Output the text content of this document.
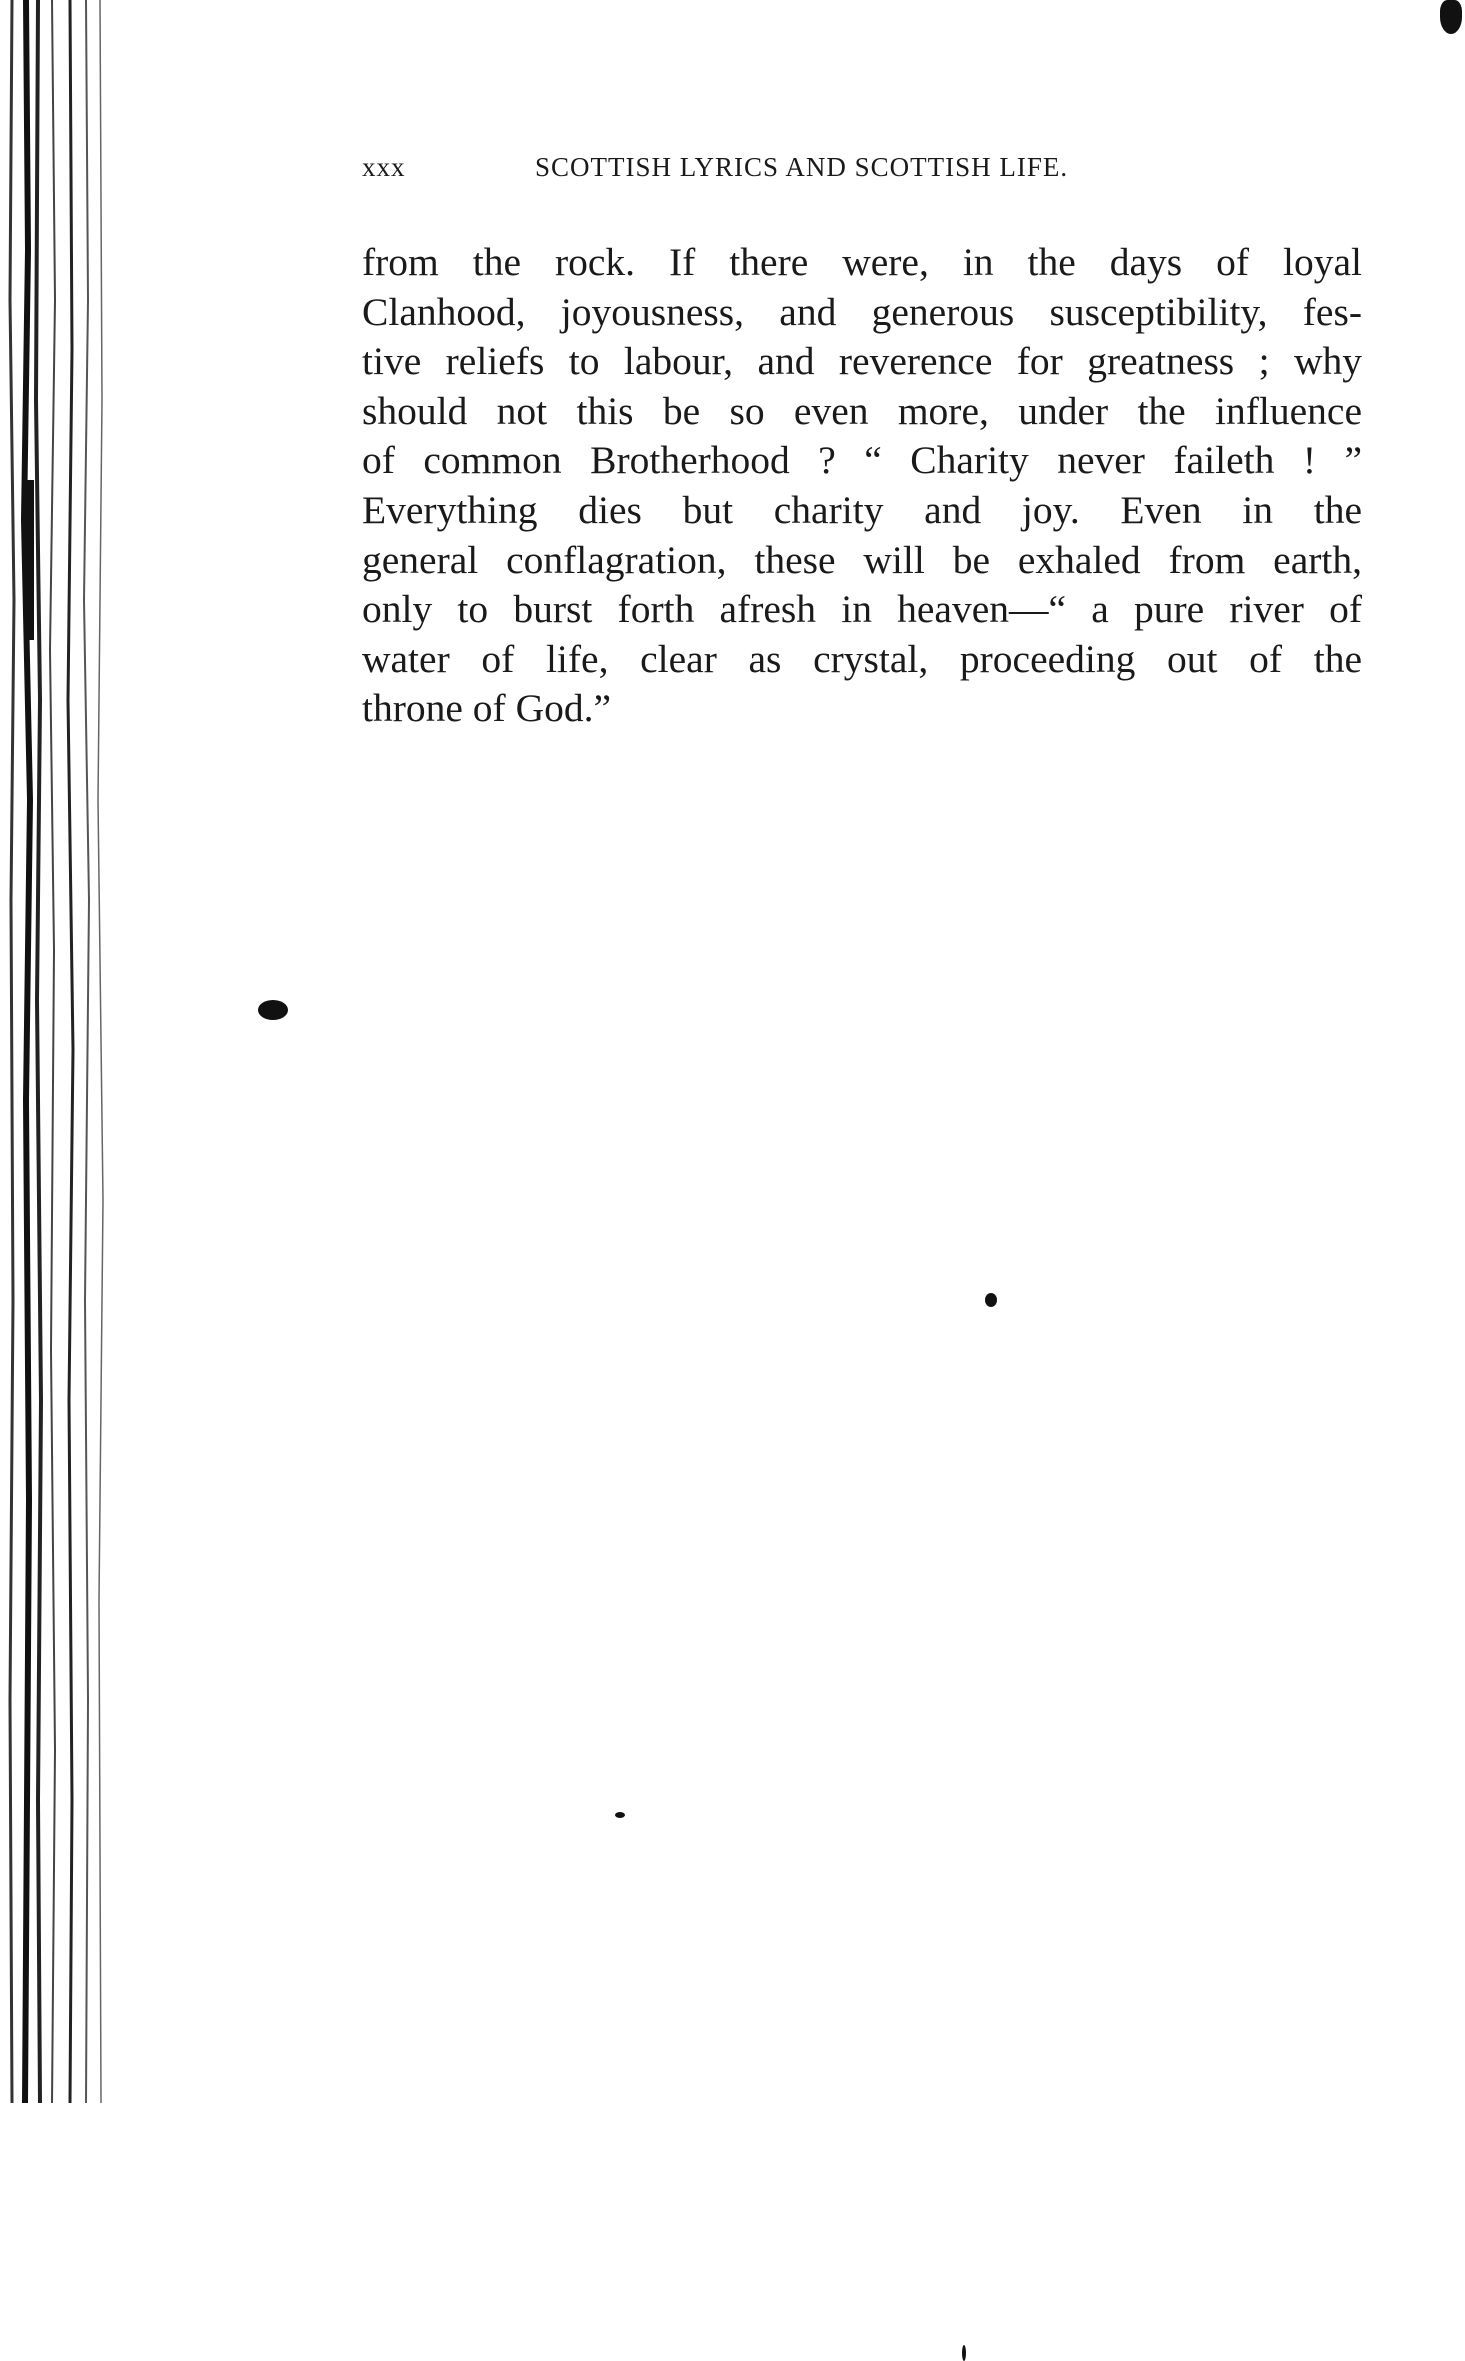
xxx	SCOTTISH LYRICS AND SCOTTISH LIFE.
from the rock. If there were, in the days of loyal
Clanhood, joyousness, and generous susceptibility, fes-
tive reliefs to labour, and reverence for greatness ; why
should not this be so even more, under the influence
of common Brotherhood ? “ Charity never faileth ! ”
Everything dies but charity and joy. Even in the
general conflagration, these will be exhaled from earth,
only to burst forth afresh in heaven—“ a pure river of
water of life, clear as crystal, proceeding out of the
throne of God.”
